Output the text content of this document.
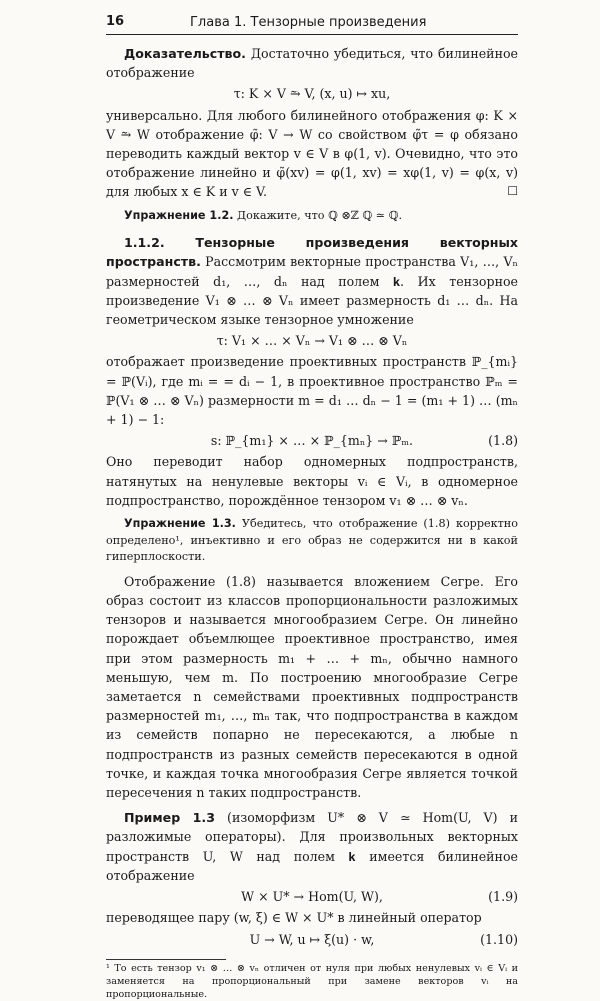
16	Глава 1. Тензорные произведения

Доказательство. Достаточно убедиться, что билинейное отображение

τ: K × V ⥲ V, (x, u) ↦ xu,

универсально. Для любого билинейного отображения φ: K × V ⥲ W отображение φ̃: V → W со свойством φ̃τ = φ обязано переводить каждый вектор v ∈ V в φ(1, v). Очевидно, что это отображение линейно и φ̃(xv) = φ(1, xv) = xφ(1, v) = φ(x, v) для любых x ∈ K и v ∈ V.	☐

Упражнение 1.2. Докажите, что ℚ ⊗ℤ ℚ ≃ ℚ.

1.1.2. Тензорные произведения векторных пространств. Рассмотрим векторные пространства V₁, …, Vₙ размерностей d₁, …, dₙ над полем 𝐤. Их тензорное произведение V₁ ⊗ … ⊗ Vₙ имеет размерность d₁ … dₙ. На геометрическом языке тензорное умножение

τ: V₁ × … × Vₙ → V₁ ⊗ … ⊗ Vₙ

отображает произведение проективных пространств ℙ_{mᵢ} = ℙ(Vᵢ), где mᵢ = = dᵢ − 1, в проективное пространство ℙₘ = ℙ(V₁ ⊗ … ⊗ Vₙ) размерности m = d₁ … dₙ − 1 = (m₁ + 1) … (mₙ + 1) − 1:

s: ℙ_{m₁} × … × ℙ_{mₙ} → ℙₘ.	(1.8)

Оно переводит набор одномерных подпространств, натянутых на ненулевые векторы vᵢ ∈ Vᵢ, в одномерное подпространство, порождённое тензором v₁ ⊗ … ⊗ vₙ.

Упражнение 1.3. Убедитесь, что отображение (1.8) корректно определено¹, инъективно и его образ не содержится ни в какой гиперплоскости.

Отображение (1.8) называется вложением Сегре. Его образ состоит из классов пропорциональности разложимых тензоров и называется многообразием Сегре. Он линейно порождает объемлющее проективное пространство, имея при этом размерность m₁ + … + mₙ, обычно намного меньшую, чем m. По построению многообразие Сегре заметается n семействами проективных подпространств размерностей m₁, …, mₙ так, что подпространства в каждом из семейств попарно не пересекаются, а любые n подпространств из разных семейств пересекаются в одной точке, и каждая точка многообразия Сегре является точкой пересечения n таких подпространств.

Пример 1.3 (изоморфизм U* ⊗ V ≃ Hom(U, V) и разложимые операторы). Для произвольных векторных пространств U, W над полем 𝐤 имеется билинейное отображение

W × U* → Hom(U, W),	(1.9)

переводящее пару (w, ξ) ∈ W × U* в линейный оператор

U → W, u ↦ ξ(u) · w,	(1.10)

¹ То есть тензор v₁ ⊗ … ⊗ vₙ отличен от нуля при любых ненулевых vᵢ ∈ Vᵢ и заменяется на пропорциональный при замене векторов vᵢ на пропорциональные.
